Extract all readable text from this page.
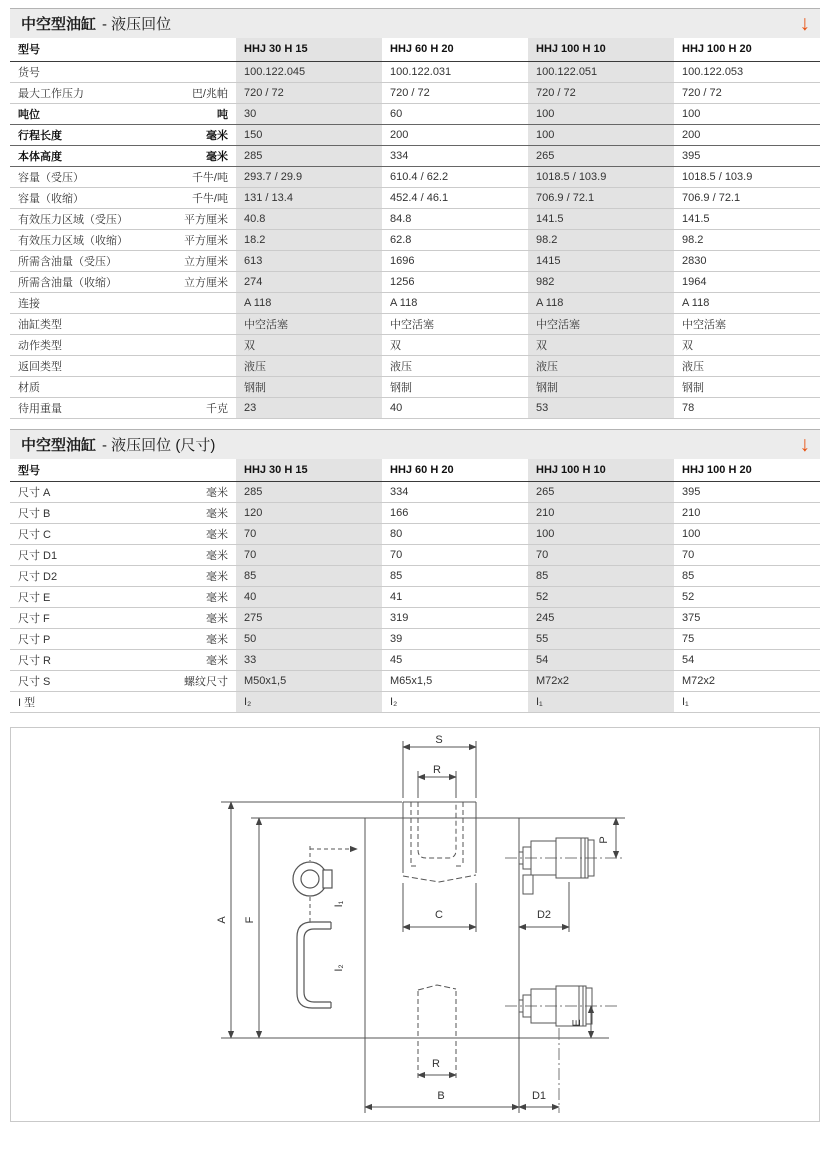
中空型油缸 - 液压回位	↓
型号	HHJ 30 H 15	HHJ 60 H 20	HHJ 100 H 10	HHJ 100 H 20

货号	100.122.045	100.122.031	100.122.051	100.122.053

最大工作压力 巴/兆帕	720 / 72	720 / 72	720 / 72	720 / 72

吨位 吨	30	60	100	100

行程长度 毫米	150	200	100	200

本体高度 毫米	285	334	265	395

容量（受压） 千牛/吨	293.7 / 29.9	610.4 / 62.2	1018.5 / 103.9	1018.5 / 103.9

容量（收缩） 千牛/吨	131 / 13.4	452.4 / 46.1	706.9 / 72.1	706.9 / 72.1

有效压力区域（受压） 平方厘米	40.8	84.8	141.5	141.5

有效压力区域（收缩） 平方厘米	18.2	62.8	98.2	98.2

所需含油量（受压） 立方厘米	613	1696	1415	2830

所需含油量（收缩） 立方厘米	274	1256	982	1964

连接	A 118	A 118	A 118	A 118

油缸类型	中空活塞	中空活塞	中空活塞	中空活塞

动作类型	双	双	双	双

返回类型	液压	液压	液压	液压

材质	钢制	钢制	钢制	钢制

待用重量 千克	23	40	53	78
中空型油缸 - 液压回位 (尺寸)	↓
型号	HHJ 30 H 15	HHJ 60 H 20	HHJ 100 H 10	HHJ 100 H 20

尺寸 A 毫米	285	334	265	395

尺寸 B 毫米	120	166	210	210

尺寸 C 毫米	70	80	100	100

尺寸 D1 毫米	70	70	70	70

尺寸 D2 毫米	85	85	85	85

尺寸 E 毫米	40	41	52	52

尺寸 F 毫米	275	319	245	375

尺寸 P 毫米	50	39	55	75

尺寸 R 毫米	33	45	54	54

尺寸 S 螺纹尺寸	M50x1,5	M65x1,5	M72x2	M72x2

I 型	I₂	I₂	I₁	I₁
S
R
A F
I₁
I₂
C	D2
P
E
R
B	D1
